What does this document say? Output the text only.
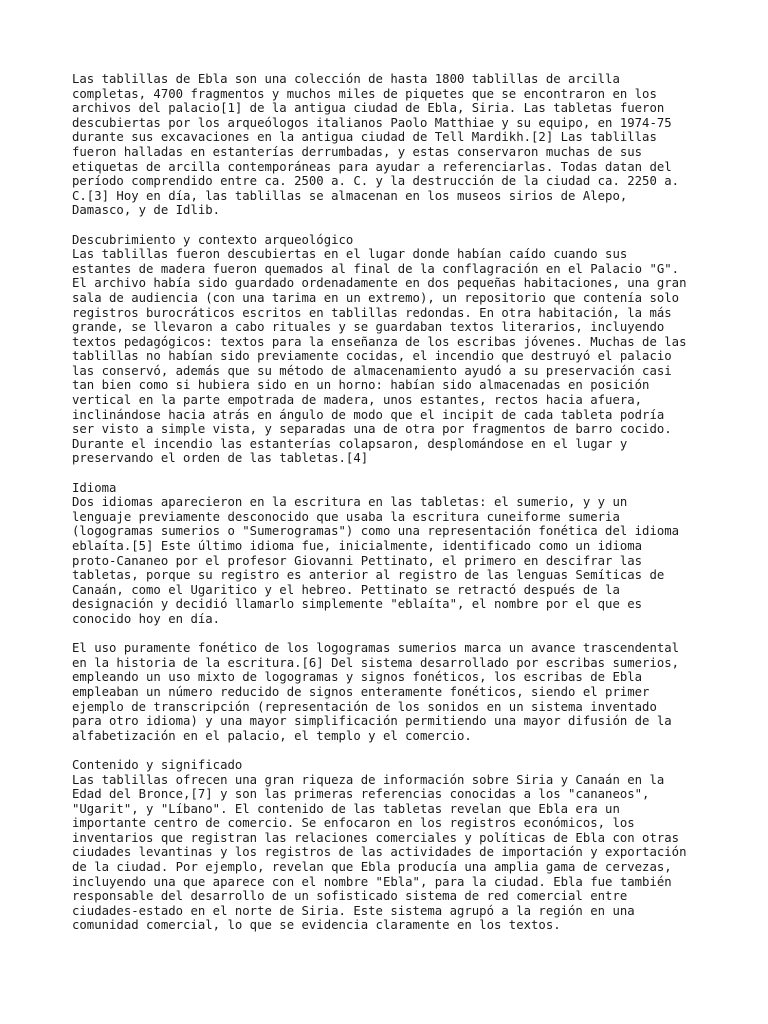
Las tablillas de Ebla son una colección de hasta 1800 tablillas de arcilla
completas, 4700 fragmentos y muchos miles de piquetes que se encontraron en los
archivos del palacio[1] de la antigua ciudad de Ebla, Siria. Las tabletas fueron
descubiertas por los arqueólogos italianos Paolo Matthiae y su equipo, en 1974-75
durante sus excavaciones en la antigua ciudad de Tell Mardikh.[2] Las tablillas
fueron halladas en estanterías derrumbadas, y estas conservaron muchas de sus
etiquetas de arcilla contemporáneas para ayudar a referenciarlas. Todas datan del
período comprendido entre ca. 2500 a. C. y la destrucción de la ciudad ca. 2250 a.
C.[3] Hoy en día, las tablillas se almacenan en los museos sirios de Alepo,
Damasco, y de Idlib.
Descubrimiento y contexto arqueológico
Las tablillas fueron descubiertas en el lugar donde habían caído cuando sus
estantes de madera fueron quemados al final de la conflagración en el Palacio "G".
El archivo había sido guardado ordenadamente en dos pequeñas habitaciones, una gran
sala de audiencia (con una tarima en un extremo), un repositorio que contenía solo
registros burocráticos escritos en tablillas redondas. En otra habitación, la más
grande, se llevaron a cabo rituales y se guardaban textos literarios, incluyendo
textos pedagógicos: textos para la enseñanza de los escribas jóvenes. Muchas de las
tablillas no habían sido previamente cocidas, el incendio que destruyó el palacio
las conservó, además que su método de almacenamiento ayudó a su preservación casi
tan bien como si hubiera sido en un horno: habían sido almacenadas en posición
vertical en la parte empotrada de madera, unos estantes, rectos hacia afuera,
inclinándose hacia atrás en ángulo de modo que el incipit de cada tableta podría
ser visto a simple vista, y separadas una de otra por fragmentos de barro cocido.
Durante el incendio las estanterías colapsaron, desplomándose en el lugar y
preservando el orden de las tabletas.[4]
Idioma
Dos idiomas aparecieron en la escritura en las tabletas: el sumerio, y y un
lenguaje previamente desconocido que usaba la escritura cuneiforme sumeria
(logogramas sumerios o "Sumerogramas") como una representación fonética del idioma
eblaíta.[5] Este último idioma fue, inicialmente, identificado como un idioma
proto-Cananeo por el profesor Giovanni Pettinato, el primero en descifrar las
tabletas, porque su registro es anterior al registro de las lenguas Semíticas de
Canaán, como el Ugaritico y el hebreo. Pettinato se retractó después de la
designación y decidió llamarlo simplemente "eblaíta", el nombre por el que es
conocido hoy en día.
El uso puramente fonético de los logogramas sumerios marca un avance trascendental
en la historia de la escritura.[6] Del sistema desarrollado por escribas sumerios,
empleando un uso mixto de logogramas y signos fonéticos, los escribas de Ebla
empleaban un número reducido de signos enteramente fonéticos, siendo el primer
ejemplo de transcripción (representación de los sonidos en un sistema inventado
para otro idioma) y una mayor simplificación permitiendo una mayor difusión de la
alfabetización en el palacio, el templo y el comercio.
Contenido y significado
Las tablillas ofrecen una gran riqueza de información sobre Siria y Canaán en la
Edad del Bronce,[7] y son las primeras referencias conocidas a los "cananeos",
"Ugarit", y "Líbano". El contenido de las tabletas revelan que Ebla era un
importante centro de comercio. Se enfocaron en los registros económicos, los
inventarios que registran las relaciones comerciales y políticas de Ebla con otras
ciudades levantinas y los registros de las actividades de importación y exportación
de la ciudad. Por ejemplo, revelan que Ebla producía una amplia gama de cervezas,
incluyendo una que aparece con el nombre "Ebla", para la ciudad. Ebla fue también
responsable del desarrollo de un sofisticado sistema de red comercial entre
ciudades-estado en el norte de Siria. Este sistema agrupó a la región en una
comunidad comercial, lo que se evidencia claramente en los textos.
